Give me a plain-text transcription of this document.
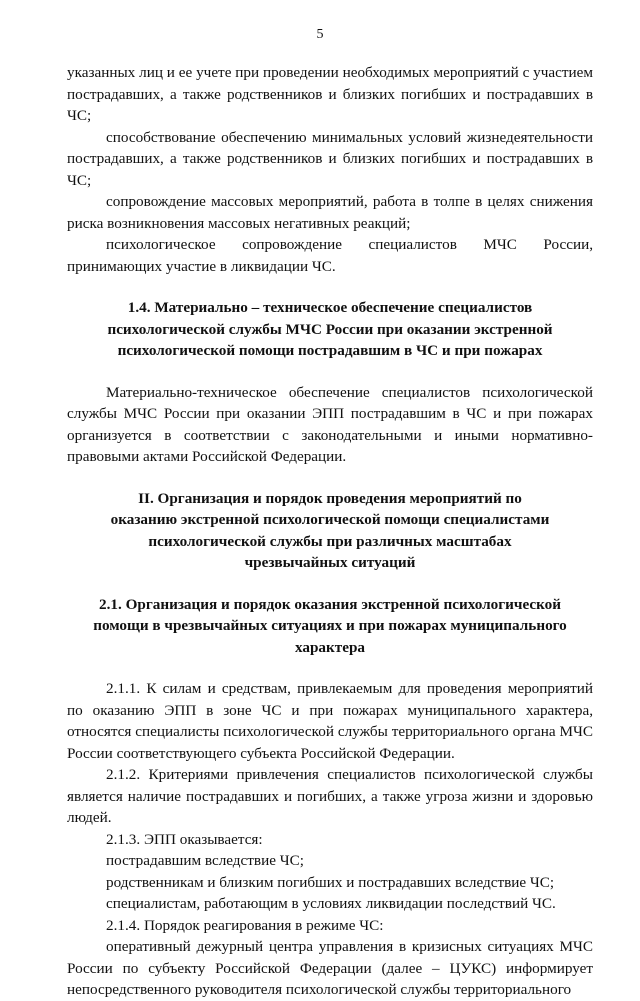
5

указанных лиц и ее учете при проведении необходимых мероприятий с участием пострадавших, а также родственников и близких погибших и пострадавших в ЧС;

способствование обеспечению минимальных условий жизнедеятельности пострадавших, а также родственников и близких погибших и пострадавших в ЧС;

сопровождение массовых мероприятий, работа в толпе в целях снижения риска возникновения массовых негативных реакций;

психологическое сопровождение специалистов МЧС России,

принимающих участие в ликвидации ЧС.

1.4. Материально – техническое обеспечение специалистов психологической службы МЧС России при оказании экстренной психологической помощи пострадавшим в ЧС и при пожарах

Материально-техническое обеспечение специалистов психологической службы МЧС России при оказании ЭПП пострадавшим в ЧС и при пожарах организуется в соответствии с законодательными и иными нормативно-правовыми актами Российской Федерации.

II. Организация и порядок проведения мероприятий по оказанию экстренной психологической помощи специалистами психологической службы при различных масштабах чрезвычайных ситуаций
2.1. Организация и порядок оказания экстренной психологической помощи в чрезвычайных ситуациях и при пожарах муниципального характера

2.1.1. К силам и средствам, привлекаемым для проведения мероприятий по оказанию ЭПП в зоне ЧС и при пожарах муниципального характера, относятся специалисты психологической службы территориального органа МЧС России соответствующего субъекта Российской Федерации.

2.1.2. Критериями привлечения специалистов психологической службы является наличие пострадавших и погибших, а также угроза жизни и здоровью людей.

2.1.3. ЭПП оказывается:

пострадавшим вследствие ЧС;

родственникам и близким погибших и пострадавших вследствие ЧС;

специалистам, работающим в условиях ликвидации последствий ЧС.

2.1.4. Порядок реагирования в режиме ЧС:

оперативный дежурный центра управления в кризисных ситуациях МЧС России по субъекту Российской Федерации (далее – ЦУКС) информирует непосредственного руководителя психологической службы территориального
